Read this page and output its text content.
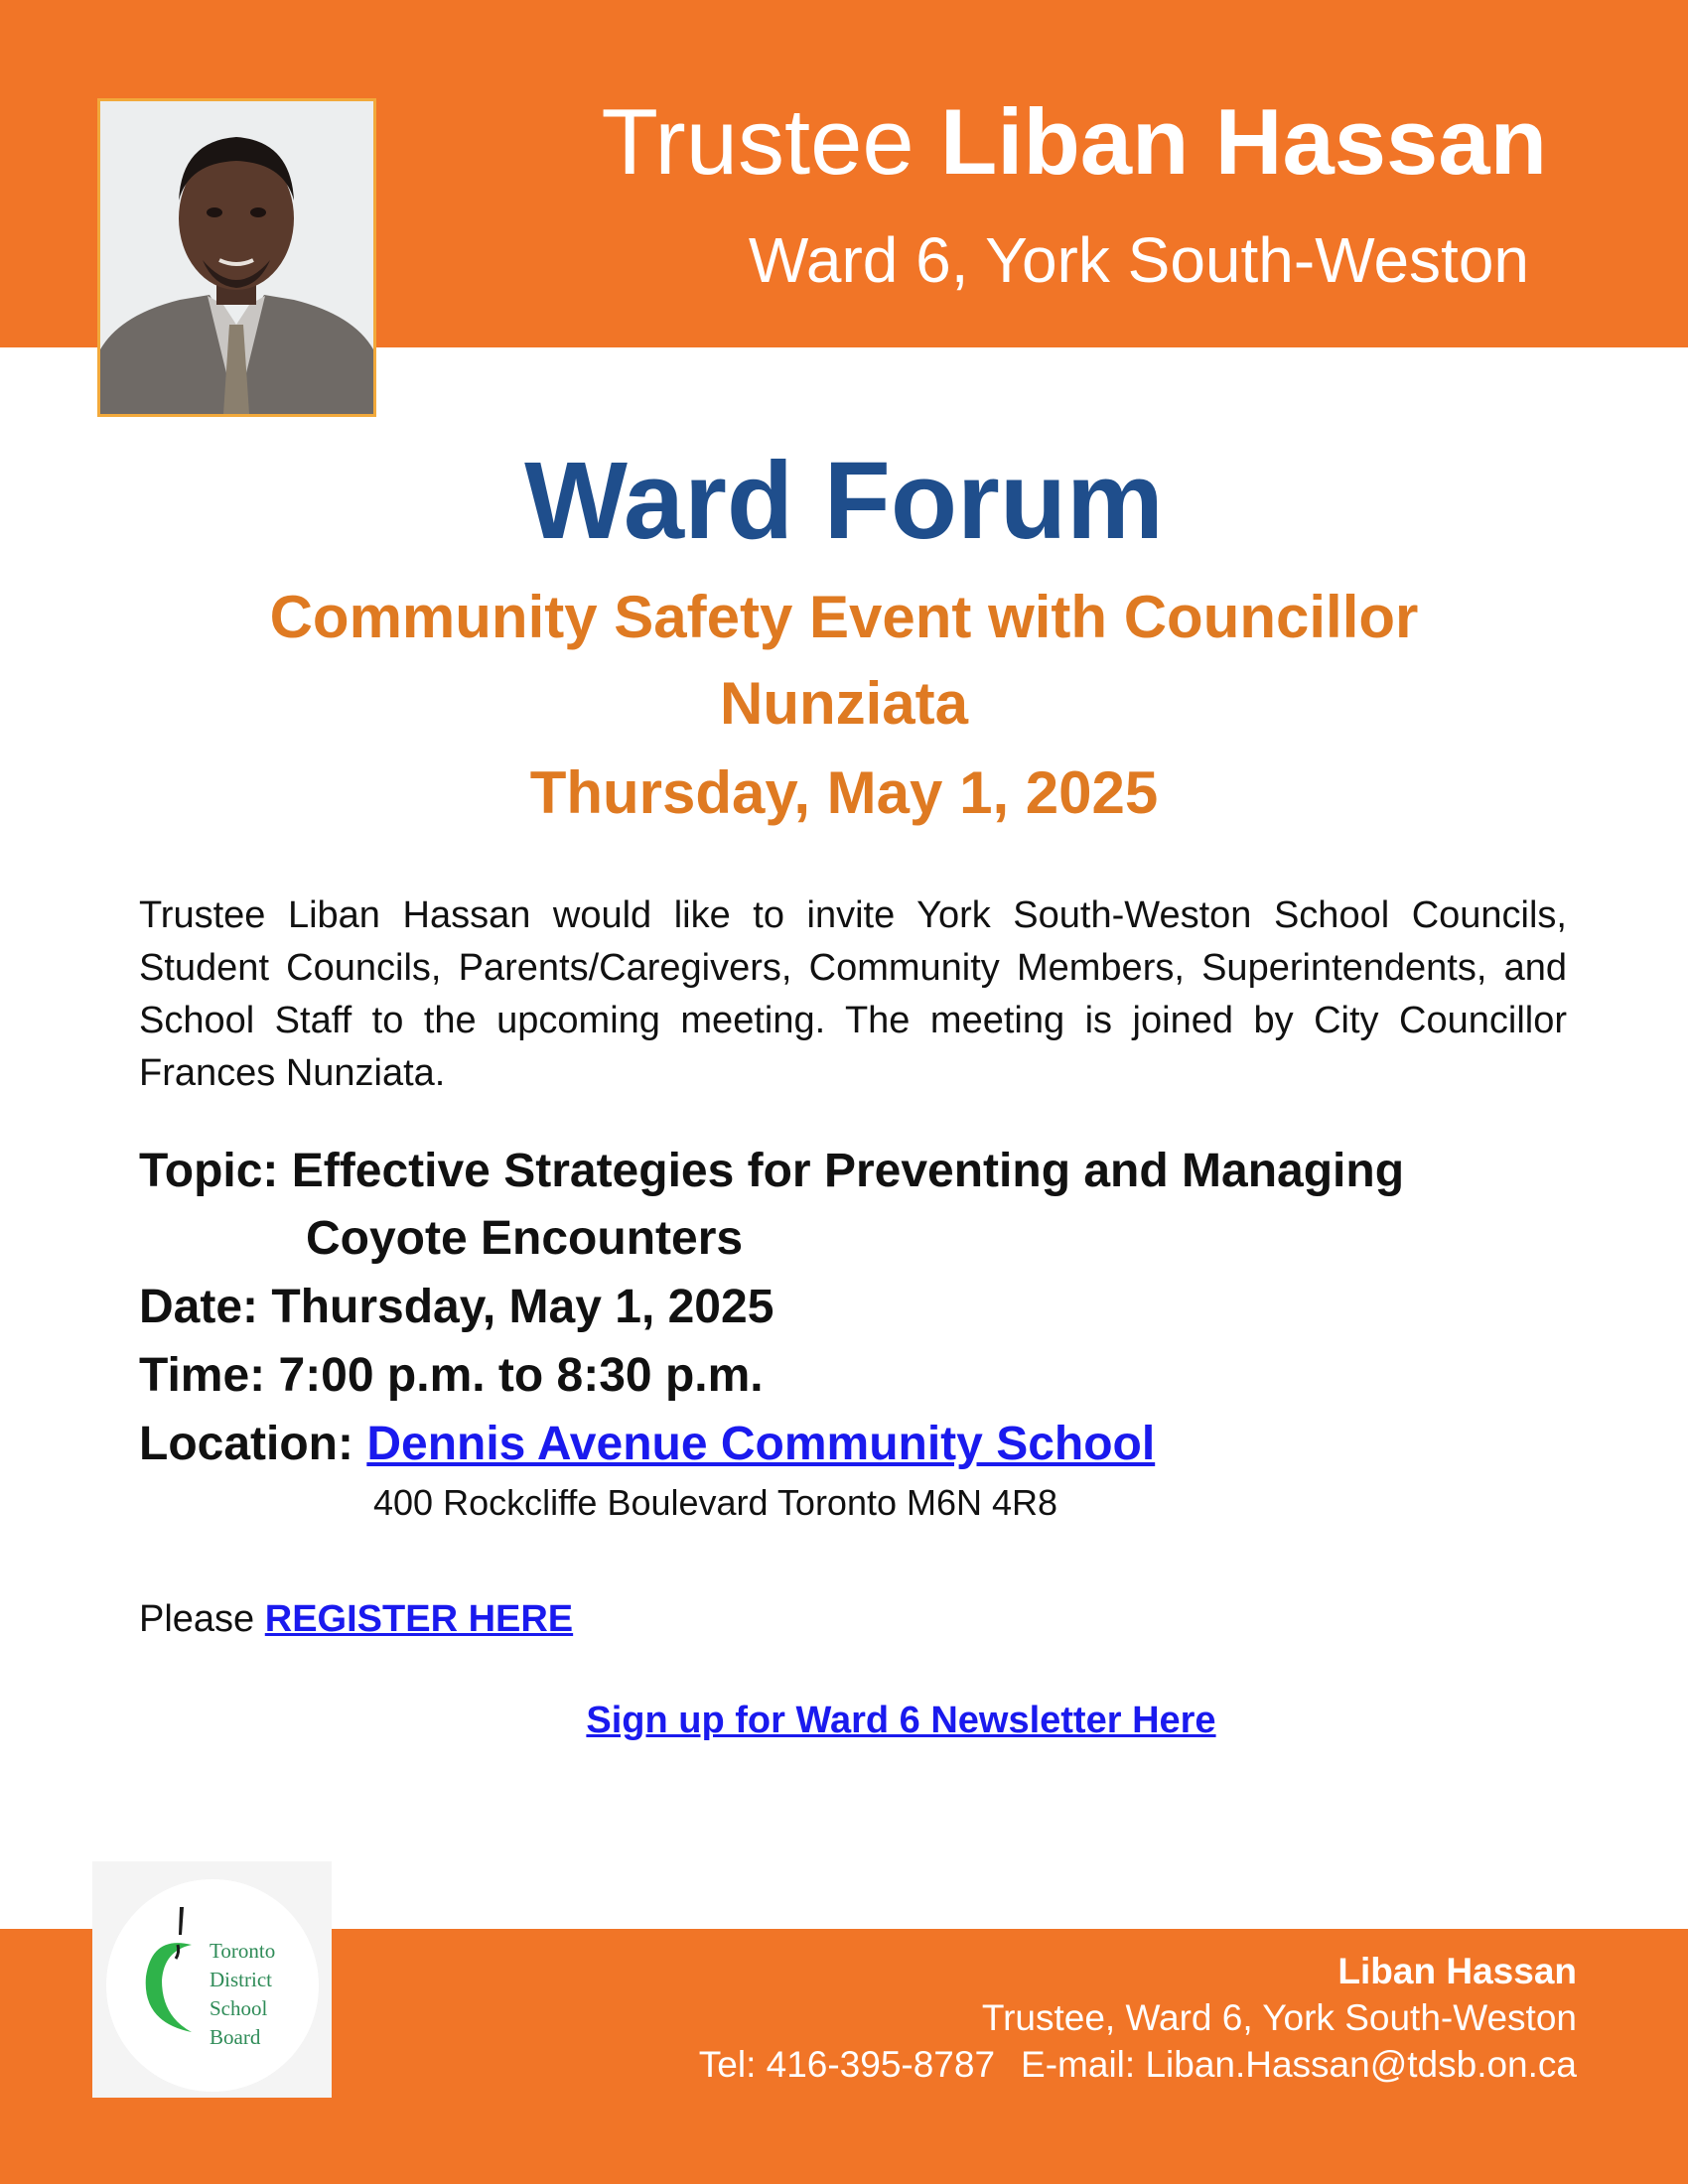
Trustee Liban Hassan
Ward 6, York South-Weston
Ward Forum
Community Safety Event with Councillor
Nunziata
Thursday, May 1, 2025
Trustee Liban Hassan would like to invite York South-Weston School Councils, Student Councils, Parents/Caregivers, Community Members, Superintendents, and School Staff to the upcoming meeting. The meeting is joined by City Councillor Frances Nunziata.
Topic: Effective Strategies for Preventing and Managing
Coyote Encounters
Date: Thursday, May 1, 2025
Time: 7:00 p.m. to 8:30 p.m.
Location: Dennis Avenue Community School
400 Rockcliffe Boulevard Toronto M6N 4R8
Please REGISTER HERE
Sign up for Ward 6 Newsletter Here
Toronto
District
School
Board
Liban Hassan
Trustee, Ward 6, York South-Weston
Tel: 416-395-8787 E-mail: Liban.Hassan@tdsb.on.ca
